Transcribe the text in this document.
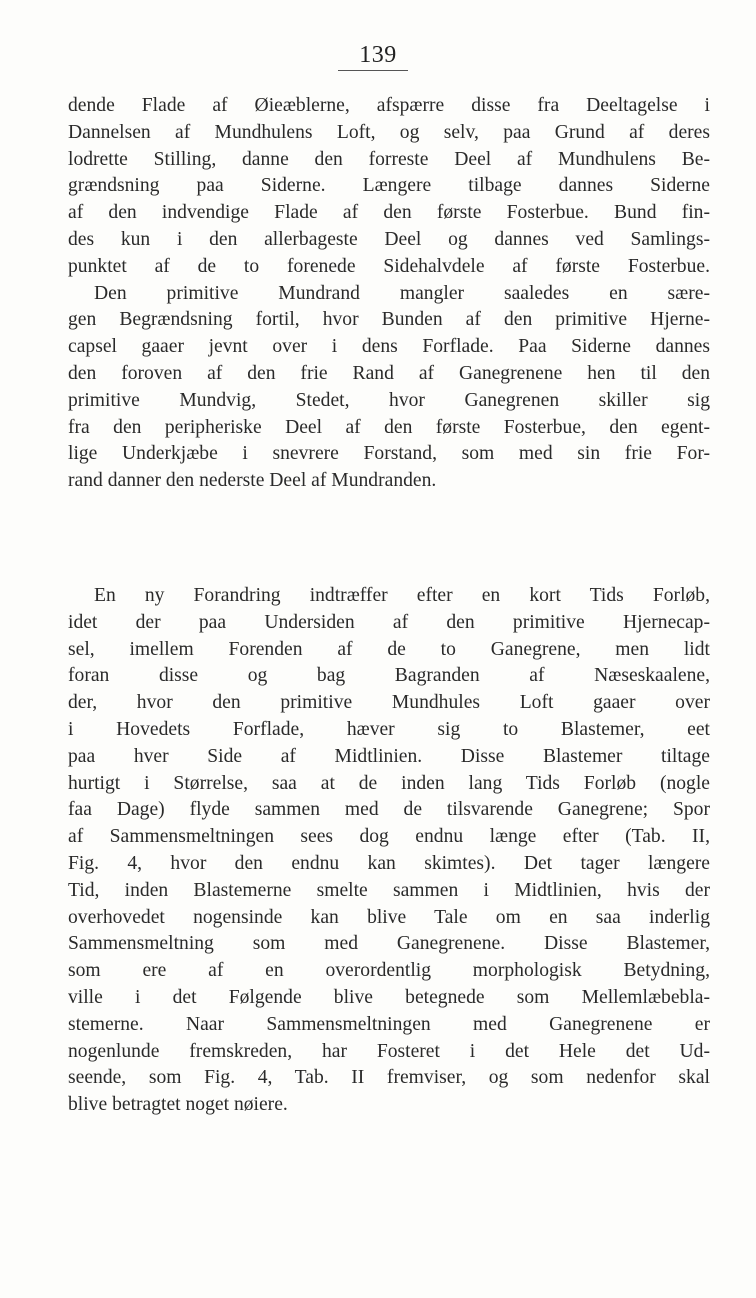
139
dende Flade af Øieæblerne, afspærre disse fra Deeltagelse i
Dannelsen af Mundhulens Loft, og selv, paa Grund af deres
lodrette Stilling, danne den forreste Deel af Mundhulens Be-
grændsning paa Siderne. Længere tilbage dannes Siderne
af den indvendige Flade af den første Fosterbue. Bund fin-
des kun i den allerbageste Deel og dannes ved Samlings-
punktet af de to forenede Sidehalvdele af første Fosterbue.
Den primitive Mundrand mangler saaledes en sære-
gen Begrændsning fortil, hvor Bunden af den primitive Hjerne-
capsel gaaer jevnt over i dens Forflade. Paa Siderne dannes
den foroven af den frie Rand af Ganegrenene hen til den
primitive Mundvig, Stedet, hvor Ganegrenen skiller sig
fra den peripheriske Deel af den første Fosterbue, den egent-
lige Underkjæbe i snevrere Forstand, som med sin frie For-
rand danner den nederste Deel af Mundranden.
En ny Forandring indtræffer efter en kort Tids Forløb,
idet der paa Undersiden af den primitive Hjernecap-
sel, imellem Forenden af de to Ganegrene, men lidt
foran disse og bag Bagranden af Næseskaalene,
der, hvor den primitive Mundhules Loft gaaer over
i Hovedets Forflade, hæver sig to Blastemer, eet
paa hver Side af Midtlinien. Disse Blastemer tiltage
hurtigt i Størrelse, saa at de inden lang Tids Forløb (nogle
faa Dage) flyde sammen med de tilsvarende Ganegrene; Spor
af Sammensmeltningen sees dog endnu længe efter (Tab. II,
Fig. 4, hvor den endnu kan skimtes). Det tager længere
Tid, inden Blastemerne smelte sammen i Midtlinien, hvis der
overhovedet nogensinde kan blive Tale om en saa inderlig
Sammensmeltning som med Ganegrenene. Disse Blastemer,
som ere af en overordentlig morphologisk Betydning,
ville i det Følgende blive betegnede som Mellemlæbebla-
stemerne. Naar Sammensmeltningen med Ganegrenene er
nogenlunde fremskreden, har Fosteret i det Hele det Ud-
seende, som Fig. 4, Tab. II fremviser, og som nedenfor skal
blive betragtet noget nøiere.
